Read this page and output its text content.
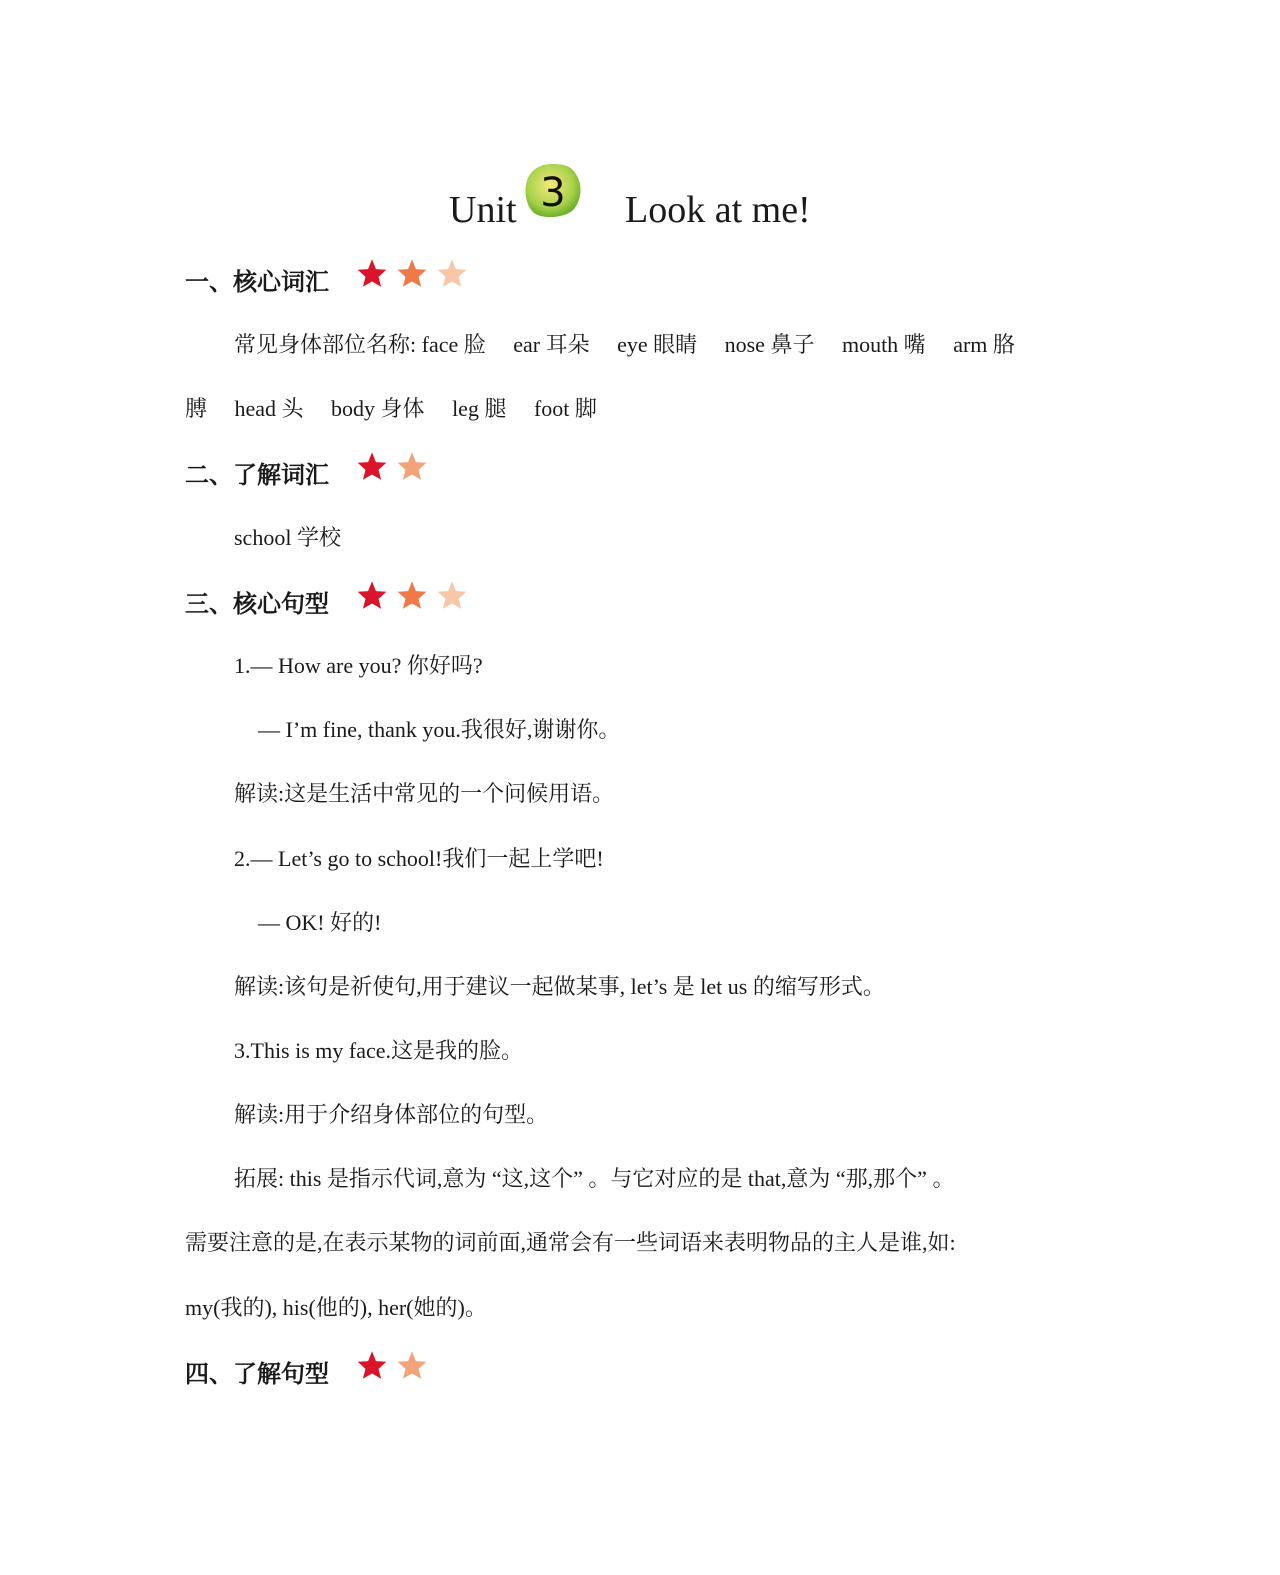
Unit 3 Look at me!
一、核心词汇

常见身体部位名称: face 脸 ear 耳朵 eye 眼睛 nose 鼻子 mouth 嘴 arm 胳
膊 head 头 body 身体 leg 腿 foot 脚
二、了解词汇

school 学校
三、核心句型

1.— How are you? 你好吗?
— I’m fine, thank you.我很好,谢谢你。
解读:这是生活中常见的一个问候用语。
2.— Let’s go to school!我们一起上学吧!
— OK! 好的!
解读:该句是祈使句,用于建议一起做某事, let’s 是 let us 的缩写形式。
3.This is my face.这是我的脸。
解读:用于介绍身体部位的句型。
拓展: this 是指示代词,意为 “这,这个” 。与它对应的是 that,意为 “那,那个” 。
需要注意的是,在表示某物的词前面,通常会有一些词语来表明物品的主人是谁,如:
my(我的), his(他的), her(她的)。
四、了解句型
